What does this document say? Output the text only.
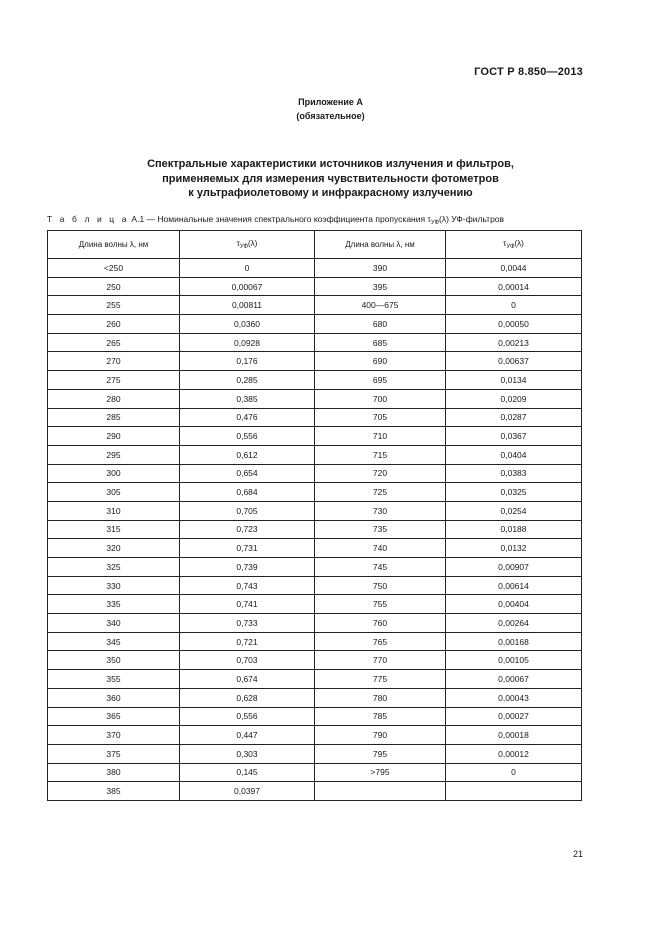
ГОСТ Р 8.850—2013
Приложение А
(обязательное)
Спектральные характеристики источников излучения и фильтров,
применяемых для измерения чувствительности фотометров
к ультрафиолетовому и инфракрасному излучению
Т а б л и ц а А.1 — Номинальные значения спектрального коэффициента пропускания $\tau_{УФ}(\lambda)$ УФ-фильтров
Длина волны λ, нм	$\tau_{УФ}(\lambda)$	Длина волны λ, нм	$\tau_{УФ}(\lambda)$
<250	0	390	0,0044
250	0,00067	395	0,00014
255	0,00811	400—675	0
260	0,0360	680	0,00050
265	0,0928	685	0,00213
270	0,176	690	0,00637
275	0,285	695	0,0134
280	0,385	700	0,0209
285	0,476	705	0,0287
290	0,556	710	0,0367
295	0,612	715	0,0404
300	0,654	720	0,0383
305	0,684	725	0,0325
310	0,705	730	0,0254
315	0,723	735	0,0188
320	0,731	740	0,0132
325	0,739	745	0,00907
330	0,743	750	0,00614
335	0,741	755	0,00404
340	0,733	760	0,00264
345	0,721	765	0,00168
350	0,703	770	0,00105
355	0,674	775	0,00067
360	0,628	780	0,00043
365	0,556	785	0,00027
370	0,447	790	0,00018
375	0,303	795	0,00012
380	0,145	>795	0
385	0,0397		
21
